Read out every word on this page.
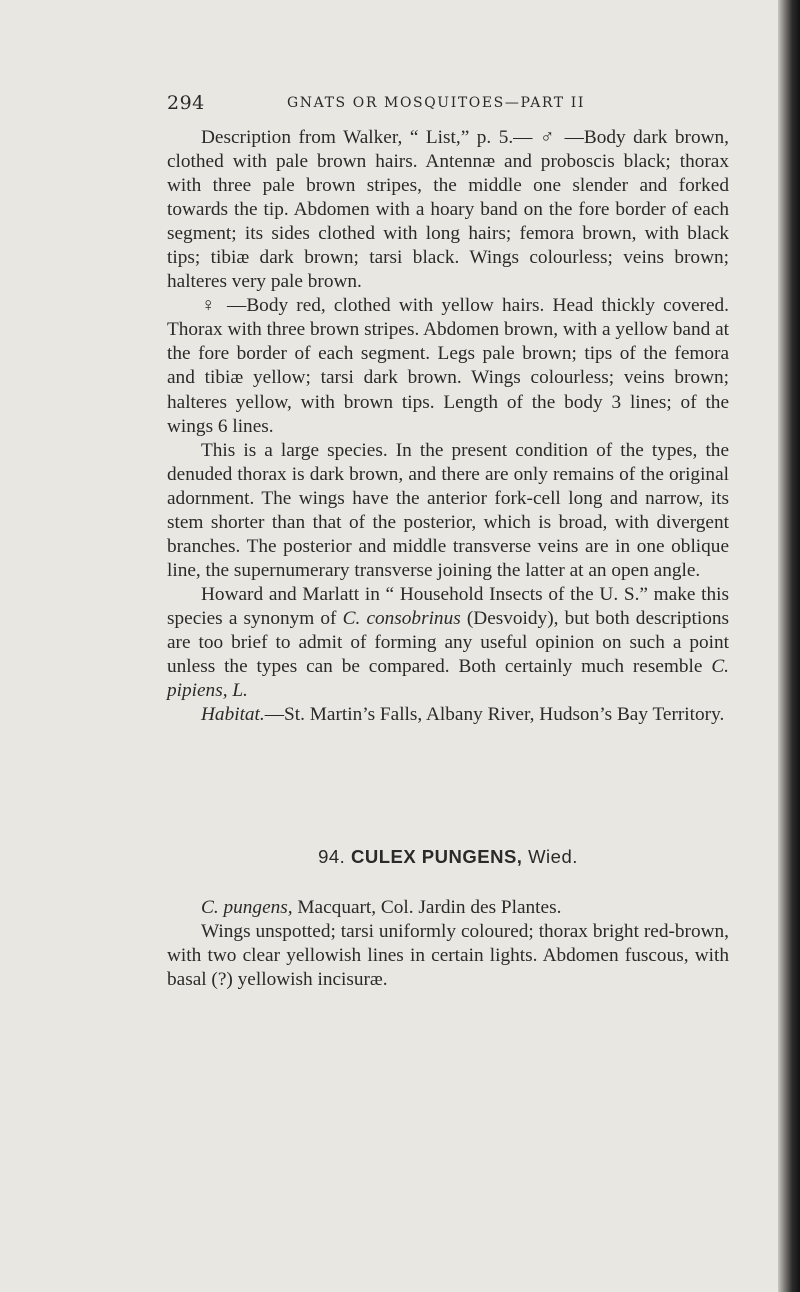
294	GNATS OR MOSQUITOES—PART II

Description from Walker, “ List,” p. 5.— ♂ —Body dark brown, clothed with pale brown hairs. Antennæ and proboscis black; thorax with three pale brown stripes, the middle one slender and forked towards the tip. Abdomen with a hoary band on the fore border of each segment; its sides clothed with long hairs; femora brown, with black tips; tibiæ dark brown; tarsi black. Wings colourless; veins brown; halteres very pale brown.

♀ —Body red, clothed with yellow hairs. Head thickly covered. Thorax with three brown stripes. Abdomen brown, with a yellow band at the fore border of each segment. Legs pale brown; tips of the femora and tibiæ yellow; tarsi dark brown. Wings colourless; veins brown; halteres yellow, with brown tips. Length of the body 3 lines; of the wings 6 lines.

This is a large species. In the present condition of the types, the denuded thorax is dark brown, and there are only remains of the original adornment. The wings have the anterior fork-cell long and narrow, its stem shorter than that of the posterior, which is broad, with divergent branches. The posterior and middle transverse veins are in one oblique line, the supernumerary transverse joining the latter at an open angle.

Howard and Marlatt in “ Household Insects of the U. S.” make this species a synonym of C. consobrinus (Desvoidy), but both descriptions are too brief to admit of forming any useful opinion on such a point unless the types can be compared. Both certainly much resemble C. pipiens, L.

Habitat.—St. Martin’s Falls, Albany River, Hudson’s Bay Territory.

94. CULEX PUNGENS, Wied.

C. pungens, Macquart, Col. Jardin des Plantes.

Wings unspotted; tarsi uniformly coloured; thorax bright red-brown, with two clear yellowish lines in certain lights. Abdomen fuscous, with basal (?) yellowish incisuræ.
